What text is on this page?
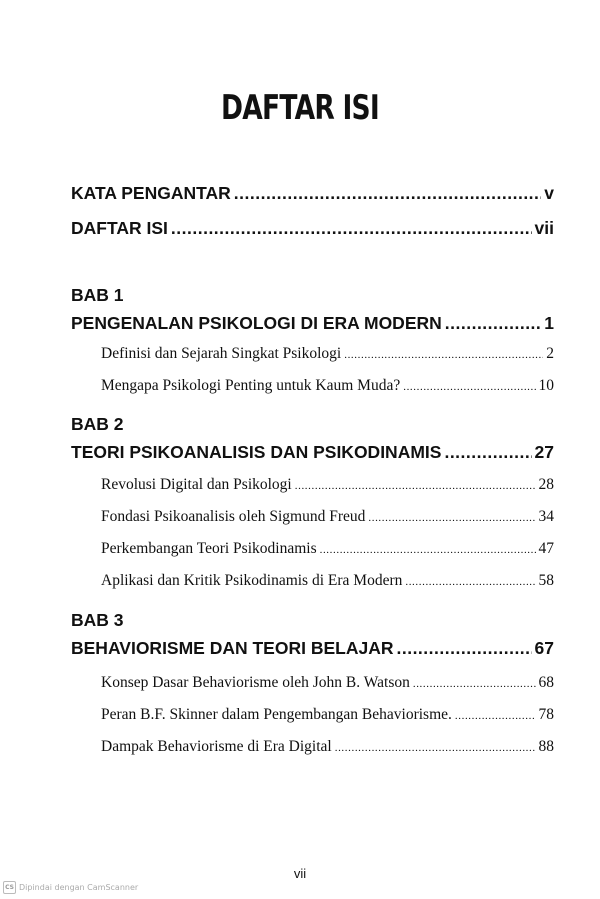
DAFTAR ISI
KATA PENGANTAR .....	v
DAFTAR ISI .....	vii
BAB 1
PENGENALAN PSIKOLOGI DI ERA MODERN .....	1
Definisi dan Sejarah Singkat Psikologi .....	2
Mengapa Psikologi Penting untuk Kaum Muda? .....	10
BAB 2
TEORI PSIKOANALISIS DAN PSIKODINAMIS .....	27
Revolusi Digital dan Psikologi .....	28
Fondasi Psikoanalisis oleh Sigmund Freud .....	34
Perkembangan Teori Psikodinamis .....	47
Aplikasi dan Kritik Psikodinamis di Era Modern .....	58
BAB 3
BEHAVIORISME DAN TEORI BELAJAR .....	67
Konsep Dasar Behaviorisme oleh John B. Watson .....	68
Peran B.F. Skinner dalam Pengembangan Behaviorisme. .....	78
Dampak Behaviorisme di Era Digital .....	88
vii
CS Dipindai dengan CamScanner
